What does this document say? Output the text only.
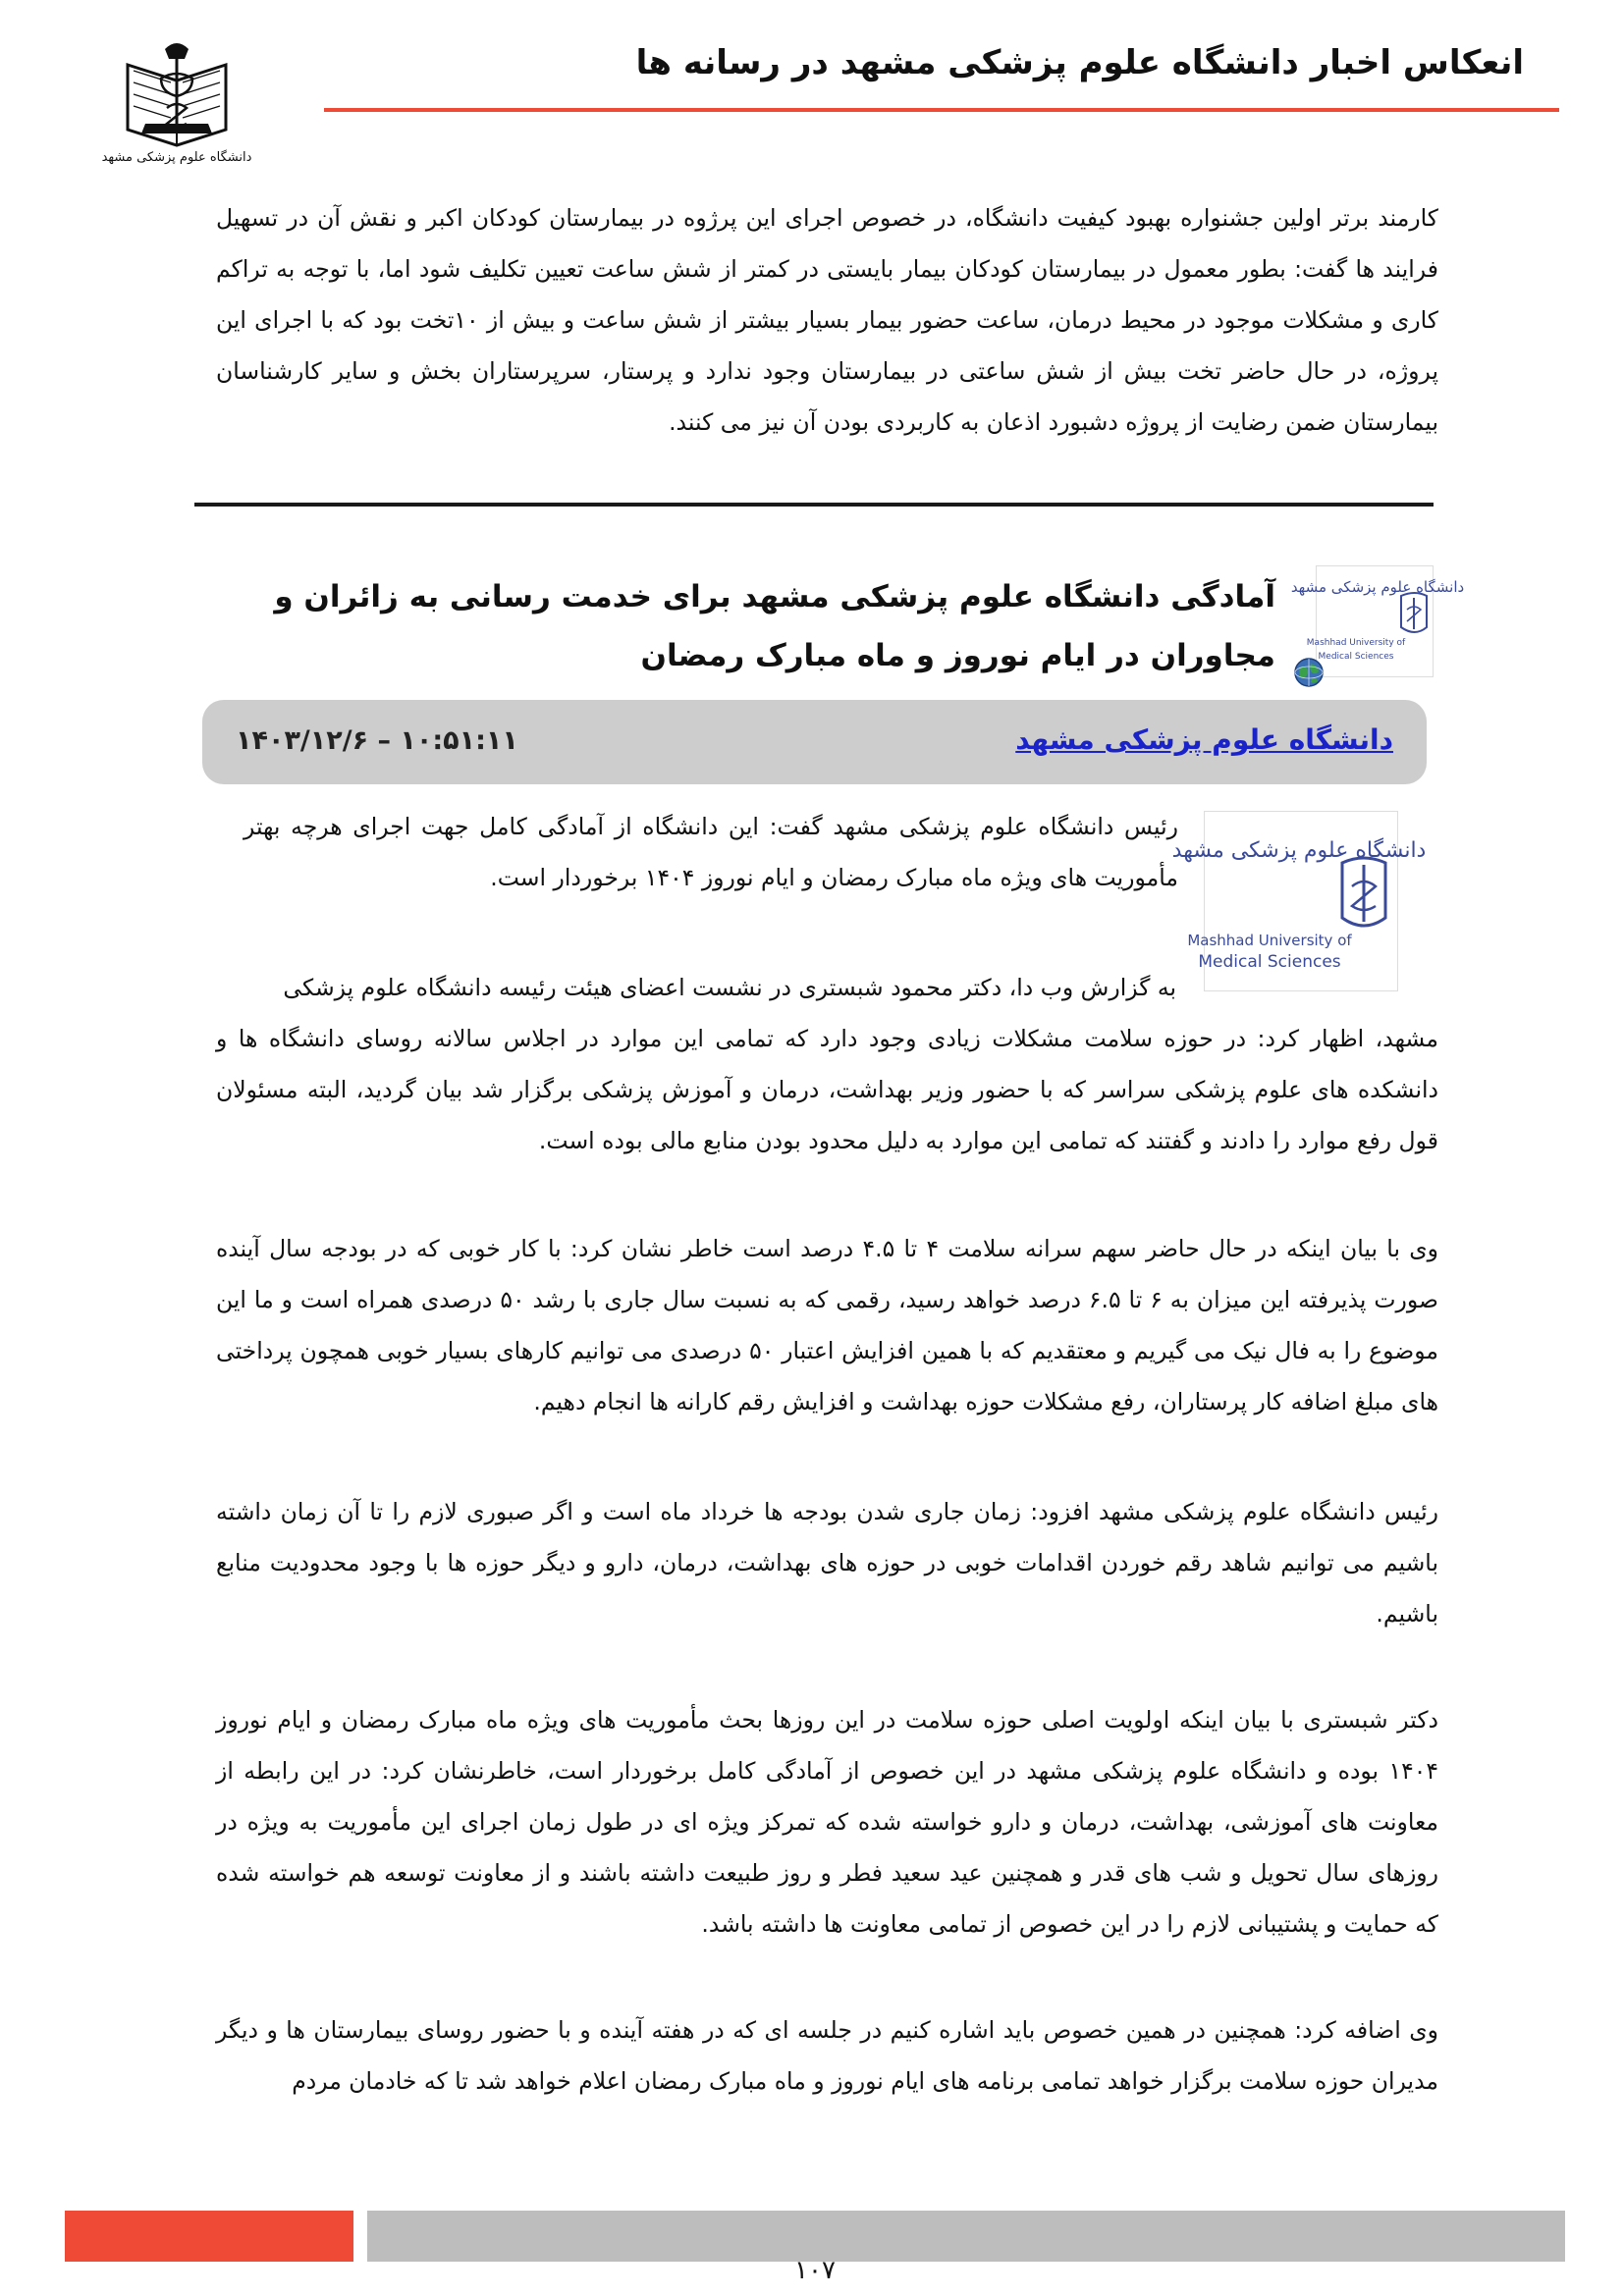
انعکاس اخبار دانشگاه علوم پزشکی مشهد در رسانه ها
دانشگاه علوم پزشکی مشهد
کارمند برتر اولین جشنواره بهبود کیفیت دانشگاه، در خصوص اجرای این پرژوه در بیمارستان کودکان اکبر و نقش آن در تسهیل فرایند ها گفت: بطور معمول در بیمارستان کودکان بیمار بایستی در کمتر از شش ساعت تعیین تکلیف شود اما، با توجه به تراکم کاری و مشکلات موجود در محیط درمان، ساعت حضور بیمار بسیار بیشتر از شش ساعت و بیش از ۱۰تخت بود که با اجرای این پروژه، در حال حاضر تخت بیش از شش ساعتی در بیمارستان وجود ندارد و پرستار، سرپرستاران بخش و سایر کارشناسان بیمارستان ضمن رضایت از پروژه دشبورد اذعان به کاربردی بودن آن نیز می کنند.
دانشگاه علوم پزشکی مشهد
Mashhad University of
Medical Sciences
آمادگی دانشگاه علوم پزشکی مشهد برای خدمت رسانی به زائران و مجاوران در ایام نوروز و ماه مبارک رمضان
دانشگاه علوم پزشکی مشهد
۱۴۰۳/۱۲/۶ – ۱۰:۵۱:۱۱
دانشگاه علوم پزشکی مشهد
Mashhad University of
Medical Sciences
رئیس دانشگاه علوم پزشکی مشهد گفت: این دانشگاه از آمادگی کامل جهت اجرای هرچه بهتر مأموریت های ویژه ماه مبارک رمضان و ایام نوروز ۱۴۰۴ برخوردار است.
به گزارش وب دا، دکتر محمود شبستری در نشست اعضای هیئت رئیسه دانشگاه علوم پزشکی
مشهد، اظهار کرد: در حوزه سلامت مشکلات زیادی وجود دارد که تمامی این موارد در اجلاس سالانه روسای دانشگاه ها و دانشکده های علوم پزشکی سراسر که با حضور وزیر بهداشت، درمان و آموزش پزشکی برگزار شد بیان گردید، البته مسئولان قول رفع موارد را دادند و گفتند که تمامی این موارد به دلیل محدود بودن منابع مالی بوده است.
وی با بیان اینکه در حال حاضر سهم سرانه سلامت ۴ تا ۴.۵ درصد است خاطر نشان کرد: با کار خوبی که در بودجه سال آینده صورت پذیرفته این میزان به ۶ تا ۶.۵ درصد خواهد رسید، رقمی که به نسبت سال جاری با رشد ۵۰ درصدی همراه است و ما این موضوع را به فال نیک می گیریم و معتقدیم که با همین افزایش اعتبار ۵۰ درصدی می توانیم کارهای بسیار خوبی همچون پرداختی های مبلغ اضافه کار پرستاران، رفع مشکلات حوزه بهداشت و افزایش رقم کارانه ها انجام دهیم.
رئیس دانشگاه علوم پزشکی مشهد افزود: زمان جاری شدن بودجه ها خرداد ماه است و اگر صبوری لازم را تا آن زمان داشته باشیم می توانیم شاهد رقم خوردن اقدامات خوبی در حوزه های بهداشت، درمان، دارو و دیگر حوزه ها با وجود محدودیت منابع باشیم.
دکتر شبستری با بیان اینکه اولویت اصلی حوزه سلامت در این روزها بحث مأموریت های ویژه ماه مبارک رمضان و ایام نوروز ۱۴۰۴ بوده و دانشگاه علوم پزشکی مشهد در این خصوص از آمادگی کامل برخوردار است، خاطرنشان کرد: در این رابطه از معاونت های آموزشی، بهداشت، درمان و دارو خواسته شده که تمرکز ویژه ای در طول زمان اجرای این مأموریت به ویژه در روزهای سال تحویل و شب های قدر و همچنین عید سعید فطر و روز طبیعت داشته باشند و از معاونت توسعه هم خواسته شده که حمایت و پشتیبانی لازم را در این خصوص از تمامی معاونت ها داشته باشد.
وی اضافه کرد: همچنین در همین خصوص باید اشاره کنیم در جلسه ای که در هفته آینده و با حضور روسای بیمارستان ها و دیگر مدیران حوزه سلامت برگزار خواهد تمامی برنامه های ایام نوروز و ماه مبارک رمضان اعلام خواهد شد تا که خادمان مردم
۱۰۷
